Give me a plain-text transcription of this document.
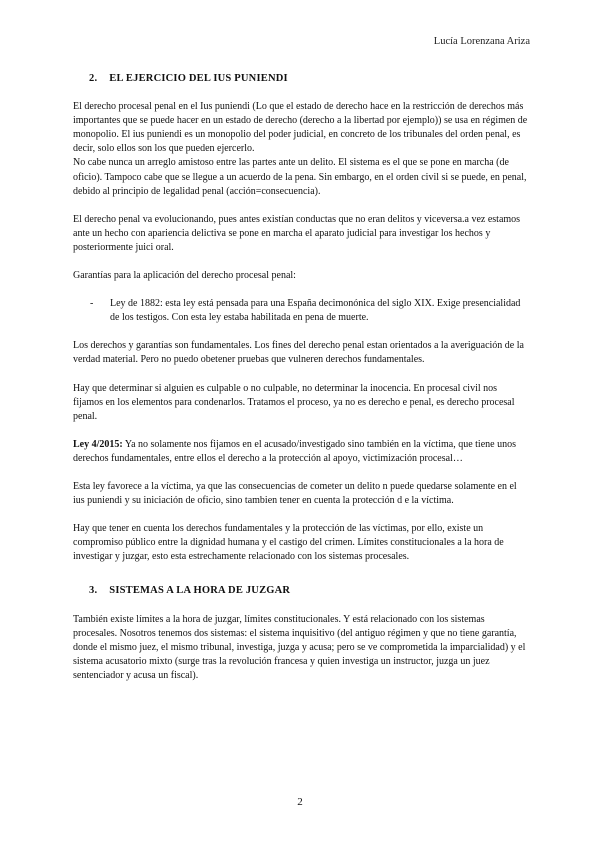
Lucía Lorenzana Ariza
2. EL EJERCICIO DEL IUS PUNIENDI

El derecho procesal penal en el Ius puniendi (Lo que el estado de derecho hace en la restricción de derechos más importantes que se puede hacer en un estado de derecho (derecho a la libertad por ejemplo)) se usa en régimen de monopolio. El ius puniendi es un monopolio del poder judicial, en concreto de los tribunales del orden penal, es decir, solo ellos son los que pueden ejercerlo.

No cabe nunca un arreglo amistoso entre las partes ante un delito. El sistema es el que se pone en marcha (de oficio). Tampoco cabe que se llegue a un acuerdo de la pena. Sin embargo, en el orden civil si se puede, en penal, debido al principio de legalidad penal (acción=consecuencia).

El derecho penal va evolucionando, pues antes existían conductas que no eran delitos y viceversa.a vez estamos ante un hecho con apariencia delictiva se pone en marcha el aparato judicial para investigar los hechos y posteriormente juici oral.

Garantías para la aplicación del derecho procesal penal:

- Ley de 1882: esta ley está pensada para una España decimonónica del siglo XIX. Exige presencialidad de los testigos. Con esta ley estaba habilitada en pena de muerte.

Los derechos y garantías son fundamentales. Los fines del derecho penal estan orientados a la averiguación de la verdad material. Pero no puedo obetener pruebas que vulneren derechos fundamentales.

Hay que determinar si alguien es culpable o no culpable, no determinar la inocencia. En procesal civil nos fijamos en los elementos para condenarlos. Tratamos el proceso, ya no es derecho e penal, es derecho procesal penal.

Ley 4/2015: Ya no solamente nos fijamos en el acusado/investigado sino también en la víctima, que tiene unos derechos fundamentales, entre ellos el derecho a la protección al apoyo, victimización procesal…

Esta ley favorece a la víctima, ya que las consecuencias de cometer un delito n puede quedarse solamente en el ius puniendi y su iniciación de oficio, sino tambien tener en cuenta la protección d e la víctima.

Hay que tener en cuenta los derechos fundamentales y la protección de las víctimas, por ello, existe un compromiso público entre la dignidad humana y el castigo del crimen. Límites constitucionales a la hora de investigar y juzgar, esto esta estrechamente relacionado con los sistemas procesales.

3. SISTEMAS A LA HORA DE JUZGAR

También existe límites a la hora de juzgar, límites constitucionales. Y está relacionado con los sistemas procesales. Nosotros tenemos dos sistemas: el sistema inquisitivo (del antiguo régimen y que no tiene garantía, donde el mismo juez, el mismo tribunal, investiga, juzga y acusa; pero se ve comprometida la imparcialidad) y el sistema acusatorio mixto (surge tras la revolución francesa y quien investiga un instructor, juzga un juez sentenciador y acusa un fiscal).

2
